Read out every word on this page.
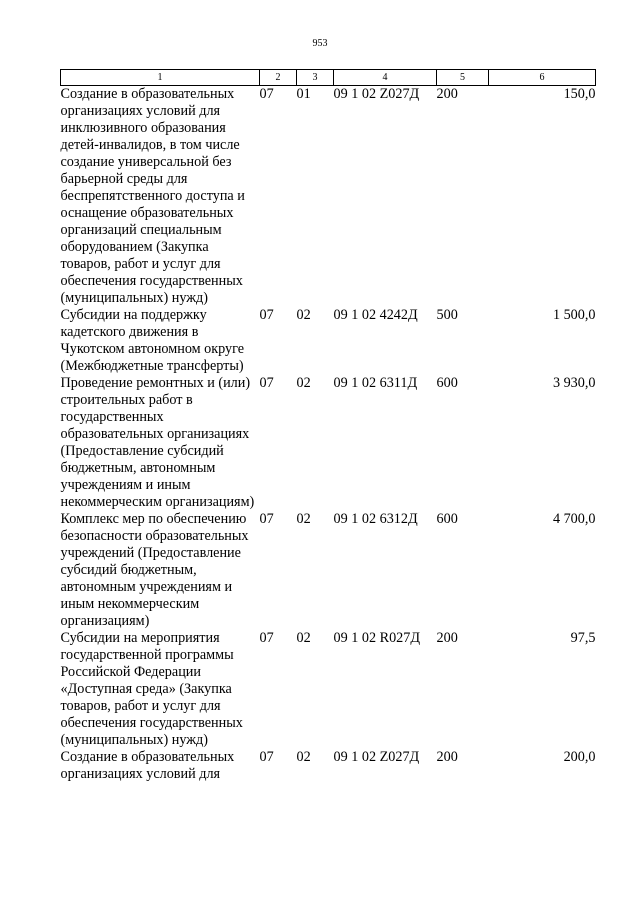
953
1	2	3	4	5	6

Создание в образовательных организациях условий для инклюзивного образования детей-инвалидов, в том числе создание универсальной без барьерной среды для беспрепятственного доступа и оснащение образовательных организаций специальным оборудованием (Закупка товаров, работ и услуг для обеспечения государственных (муниципальных) нужд)	07	01	09 1 02 Z027Д	200	150,0

Субсидии на поддержку кадетского движения в Чукотском автономном округе (Межбюджетные трансферты)	07	02	09 1 02 4242Д	500	1 500,0

Проведение ремонтных и (или) строительных работ в государственных образовательных организациях (Предоставление субсидий бюджетным, автономным учреждениям и иным некоммерческим организациям)	07	02	09 1 02 6311Д	600	3 930,0

Комплекс мер по обеспечению безопасности образовательных учреждений (Предоставление субсидий бюджетным, автономным учреждениям и иным некоммерческим организациям)	07	02	09 1 02 6312Д	600	4 700,0

Субсидии на мероприятия государственной программы Российской Федерации «Доступная среда» (Закупка товаров, работ и услуг для обеспечения государственных (муниципальных) нужд)	07	02	09 1 02 R027Д	200	97,5

Создание в образовательных организациях условий для	07	02	09 1 02 Z027Д	200	200,0
